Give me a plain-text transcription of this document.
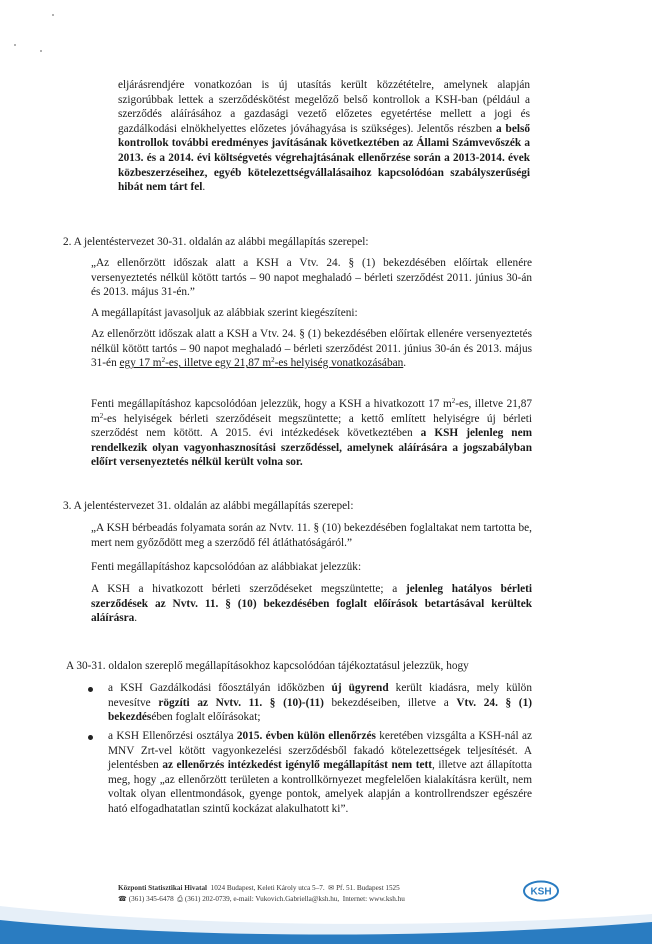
eljárásrendjére vonatkozóan is új utasítás került közzétételre, amelynek alapján szigorúbbak lettek a szerződéskötést megelőző belső kontrollok a KSH-ban (például a szerződés aláírásához a gazdasági vezető előzetes egyetértése mellett a jogi és gazdálkodási elnökhelyettes előzetes jóváhagyása is szükséges). Jelentős részben a belső kontrollok további eredményes javításának következtében az Állami Számvevőszék a 2013. és a 2014. évi költségvetés végrehajtásának ellenőrzése során a 2013-2014. évek közbeszerzéseihez, egyéb kötelezettségvállalásaihoz kapcsolódóan szabályszerűségi hibát nem tárt fel.

2. A jelentéstervezet 30-31. oldalán az alábbi megállapítás szerepel:

„Az ellenőrzött időszak alatt a KSH a Vtv. 24. § (1) bekezdésében előírtak ellenére versenyeztetés nélkül kötött tartós – 90 napot meghaladó – bérleti szerződést 2011. június 30-án és 2013. május 31-én.”

A megállapítást javasoljuk az alábbiak szerint kiegészíteni:

Az ellenőrzött időszak alatt a KSH a Vtv. 24. § (1) bekezdésében előírtak ellenére versenyeztetés nélkül kötött tartós – 90 napot meghaladó – bérleti szerződést 2011. június 30-án és 2013. május 31-én egy 17 $m^2-es$, illetve egy 21,87 $m^2-es$ helyiség vonatkozásában.

Fenti megállapításhoz kapcsolódóan jelezzük, hogy a KSH a hivatkozott 17 $m^2-es$, illetve 21,87 $m^2-es$ helyiségek bérleti szerződéseit megszüntette; a kettő említett helyiségre új bérleti szerződést nem kötött. A 2015. évi intézkedések következtében a KSH jelenleg nem rendelkezik olyan vagyonhasznosítási szerződéssel, amelynek aláírására a jogszabályban előírt versenyeztetés nélkül került volna sor.

3. A jelentéstervezet 31. oldalán az alábbi megállapítás szerepel:

„A KSH bérbeadás folyamata során az Nvtv. 11. § (10) bekezdésében foglaltakat nem tartotta be, mert nem győződött meg a szerződő fél átláthatóságáról.”

Fenti megállapításhoz kapcsolódóan az alábbiakat jelezzük:

A KSH a hivatkozott bérleti szerződéseket megszüntette; a jelenleg hatályos bérleti szerződések az Nvtv. 11. § (10) bekezdésében foglalt előírások betartásával kerültek aláírásra.

A 30-31. oldalon szereplő megállapításokhoz kapcsolódóan tájékoztatásul jelezzük, hogy

a KSH Gazdálkodási főosztályán időközben új ügyrend került kiadásra, mely külön nevesítve rögzíti az Nvtv. 11. § (10)-(11) bekezdéseiben, illetve a Vtv. 24. § (1) bekezdésében foglalt előírásokat;

a KSH Ellenőrzési osztálya 2015. évben külön ellenőrzés keretében vizsgálta a KSH-nál az MNV Zrt-vel kötött vagyonkezelési szerződésből fakadó kötelezettségek teljesítését. A jelentésben az ellenőrzés intézkedést igénylő megállapítást nem tett, illetve azt állapította meg, hogy „az ellenőrzött területen a kontrollkörnyezet megfelelően kialakításra került, nem voltak olyan ellentmondások, gyenge pontok, amelyek alapján a kontrollrendszer egészére ható elfogadhatatlan szintű kockázat alakulhatott ki”.

Központi Statisztikai Hivatal 1024 Budapest, Keleti Károly utca 5–7. ✉ Pf. 51. Budapest 1525
☎ (361) 345-6478 ⎙ (361) 202-0739, e-mail: Vukovich.Gabriella@ksh.hu,  Internet: www.ksh.hu
KSH
